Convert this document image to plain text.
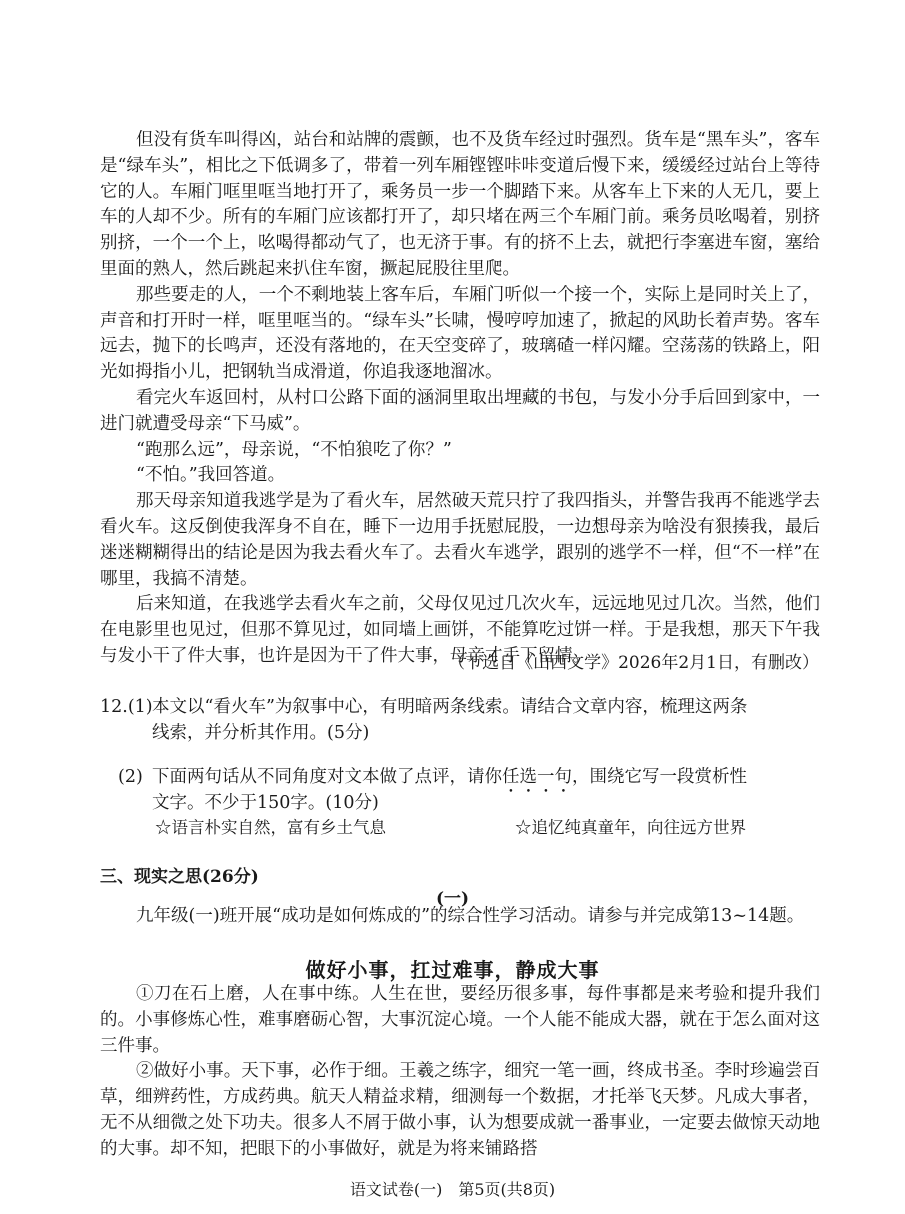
但没有货车叫得凶，站台和站牌的震颤，也不及货车经过时强烈。货车是“黑车头”，客车是“绿车头”，相比之下低调多了，带着一列车厢铿铿咔咔变道后慢下来，缓缓经过站台上等待它的人。车厢门哐里哐当地打开了，乘务员一步一个脚踏下来。从客车上下来的人无几，要上车的人却不少。所有的车厢门应该都打开了，却只堵在两三个车厢门前。乘务员吆喝着，别挤别挤，一个一个上，吆喝得都动气了，也无济于事。有的挤不上去，就把行李塞进车窗，塞给里面的熟人，然后跳起来扒住车窗，撅起屁股往里爬。

那些要走的人，一个不剩地装上客车后，车厢门听似一个接一个，实际上是同时关上了，声音和打开时一样，哐里哐当的。“绿车头”长啸，慢哼哼加速了，掀起的风助长着声势。客车远去，抛下的长鸣声，还没有落地的，在天空变碎了，玻璃碴一样闪耀。空荡荡的铁路上，阳光如拇指小儿，把钢轨当成滑道，你追我逐地溜冰。

看完火车返回村，从村口公路下面的涵洞里取出埋藏的书包，与发小分手后回到家中，一进门就遭受母亲“下马威”。

“跑那么远”，母亲说，“不怕狼吃了你？”

“不怕。”我回答道。

那天母亲知道我逃学是为了看火车，居然破天荒只拧了我四指头，并警告我再不能逃学去看火车。这反倒使我浑身不自在，睡下一边用手抚慰屁股，一边想母亲为啥没有狠揍我，最后迷迷糊糊得出的结论是因为我去看火车了。去看火车逃学，跟别的逃学不一样，但“不一样”在哪里，我搞不清楚。

后来知道，在我逃学去看火车之前，父母仅见过几次火车，远远地见过几次。当然，他们在电影里也见过，但那不算见过，如同墙上画饼，不能算吃过饼一样。于是我想，那天下午我与发小干了件大事，也许是因为干了件大事，母亲才手下留情。

（节选自《山西文学》2026年2月1日，有删改）
12.(1) 本文以“看火车”为叙事中心，有明暗两条线索。请结合文章内容，梳理这两条
线索，并分析其作用。(5分)
(2) 下面两句话从不同角度对文本做了点评，请你任选一句，围绕它写一段赏析性
文字。不少于150字。(10分)
☆语言朴实自然，富有乡土气息	☆追忆纯真童年，向往远方世界
三、现实之思(26分)
(一)

九年级(一)班开展“成功是如何炼成的”的综合性学习活动。请参与并完成第13~14题。

做好小事，扛过难事，静成大事

①刀在石上磨，人在事中练。人生在世，要经历很多事，每件事都是来考验和提升我们的。小事修炼心性，难事磨砺心智，大事沉淀心境。一个人能不能成大器，就在于怎么面对这三件事。

②做好小事。天下事，必作于细。王羲之练字，细究一笔一画，终成书圣。李时珍遍尝百草，细辨药性，方成药典。航天人精益求精，细测每一个数据，才托举飞天梦。凡成大事者，无不从细微之处下功夫。很多人不屑于做小事，认为想要成就一番事业，一定要去做惊天动地的大事。却不知，把眼下的小事做好，就是为将来铺路搭

语文试卷(一)　第5页(共8页)
